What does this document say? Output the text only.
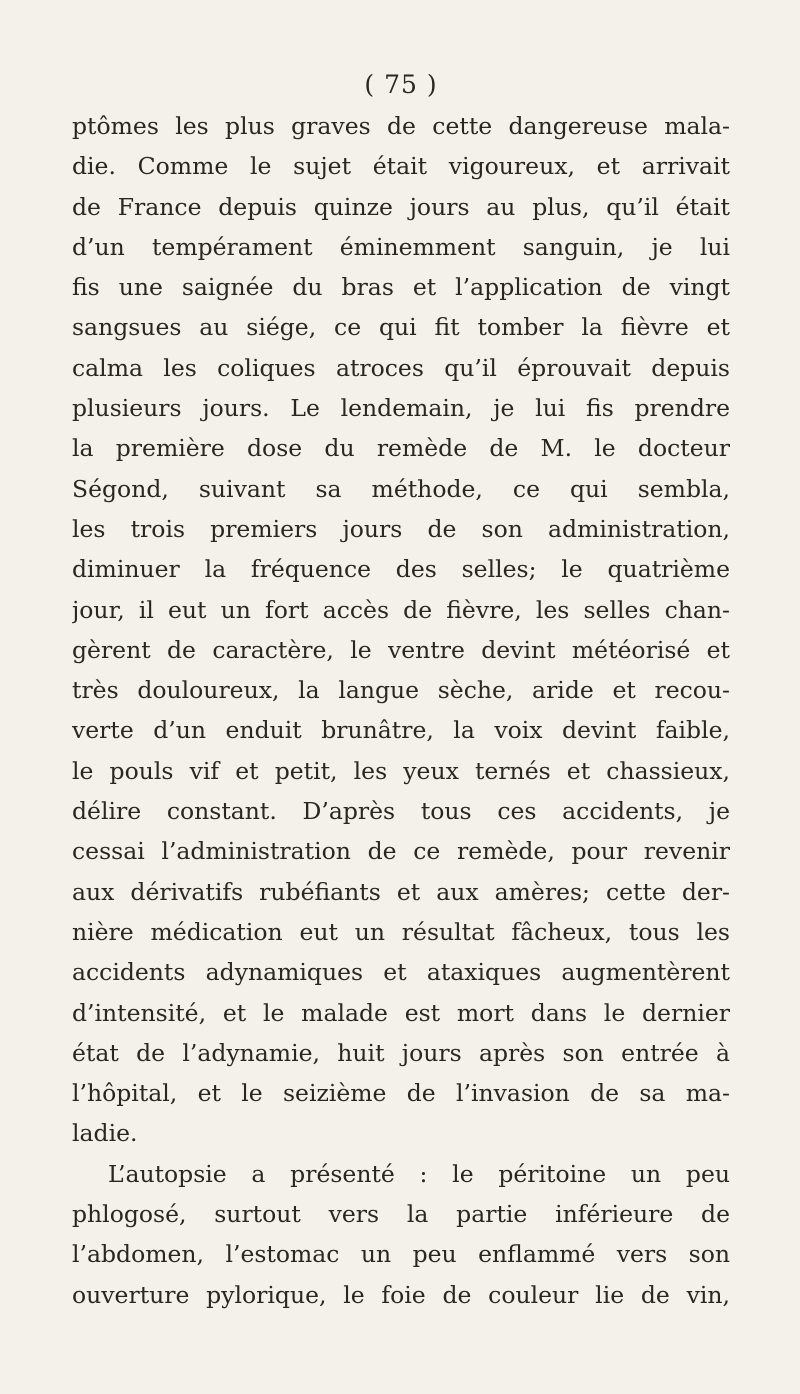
( 75 )
ptômes les plus graves de cette dangereuse mala-
die. Comme le sujet était vigoureux, et arrivait
de France depuis quinze jours au plus, qu’il était
d’un tempérament éminemment sanguin, je lui
fis une saignée du bras et l’application de vingt
sangsues au siége, ce qui fit tomber la fièvre et
calma les coliques atroces qu’il éprouvait depuis
plusieurs jours. Le lendemain, je lui fis prendre
la première dose du remède de M. le docteur
Ségond, suivant sa méthode, ce qui sembla,
les trois premiers jours de son administration,
diminuer la fréquence des selles; le quatrième
jour, il eut un fort accès de fièvre, les selles chan-
gèrent de caractère, le ventre devint météorisé et
très douloureux, la langue sèche, aride et recou-
verte d’un enduit brunâtre, la voix devint faible,
le pouls vif et petit, les yeux ternés et chassieux,
délire constant. D’après tous ces accidents, je
cessai l’administration de ce remède, pour revenir
aux dérivatifs rubéfiants et aux amères; cette der-
nière médication eut un résultat fâcheux, tous les
accidents adynamiques et ataxiques augmentèrent
d’intensité, et le malade est mort dans le dernier
état de l’adynamie, huit jours après son entrée à
l’hôpital, et le seizième de l’invasion de sa ma-
ladie.
L’autopsie a présenté : le péritoine un peu
phlogosé, surtout vers la partie inférieure de
l’abdomen, l’estomac un peu enflammé vers son
ouverture pylorique, le foie de couleur lie de vin,
